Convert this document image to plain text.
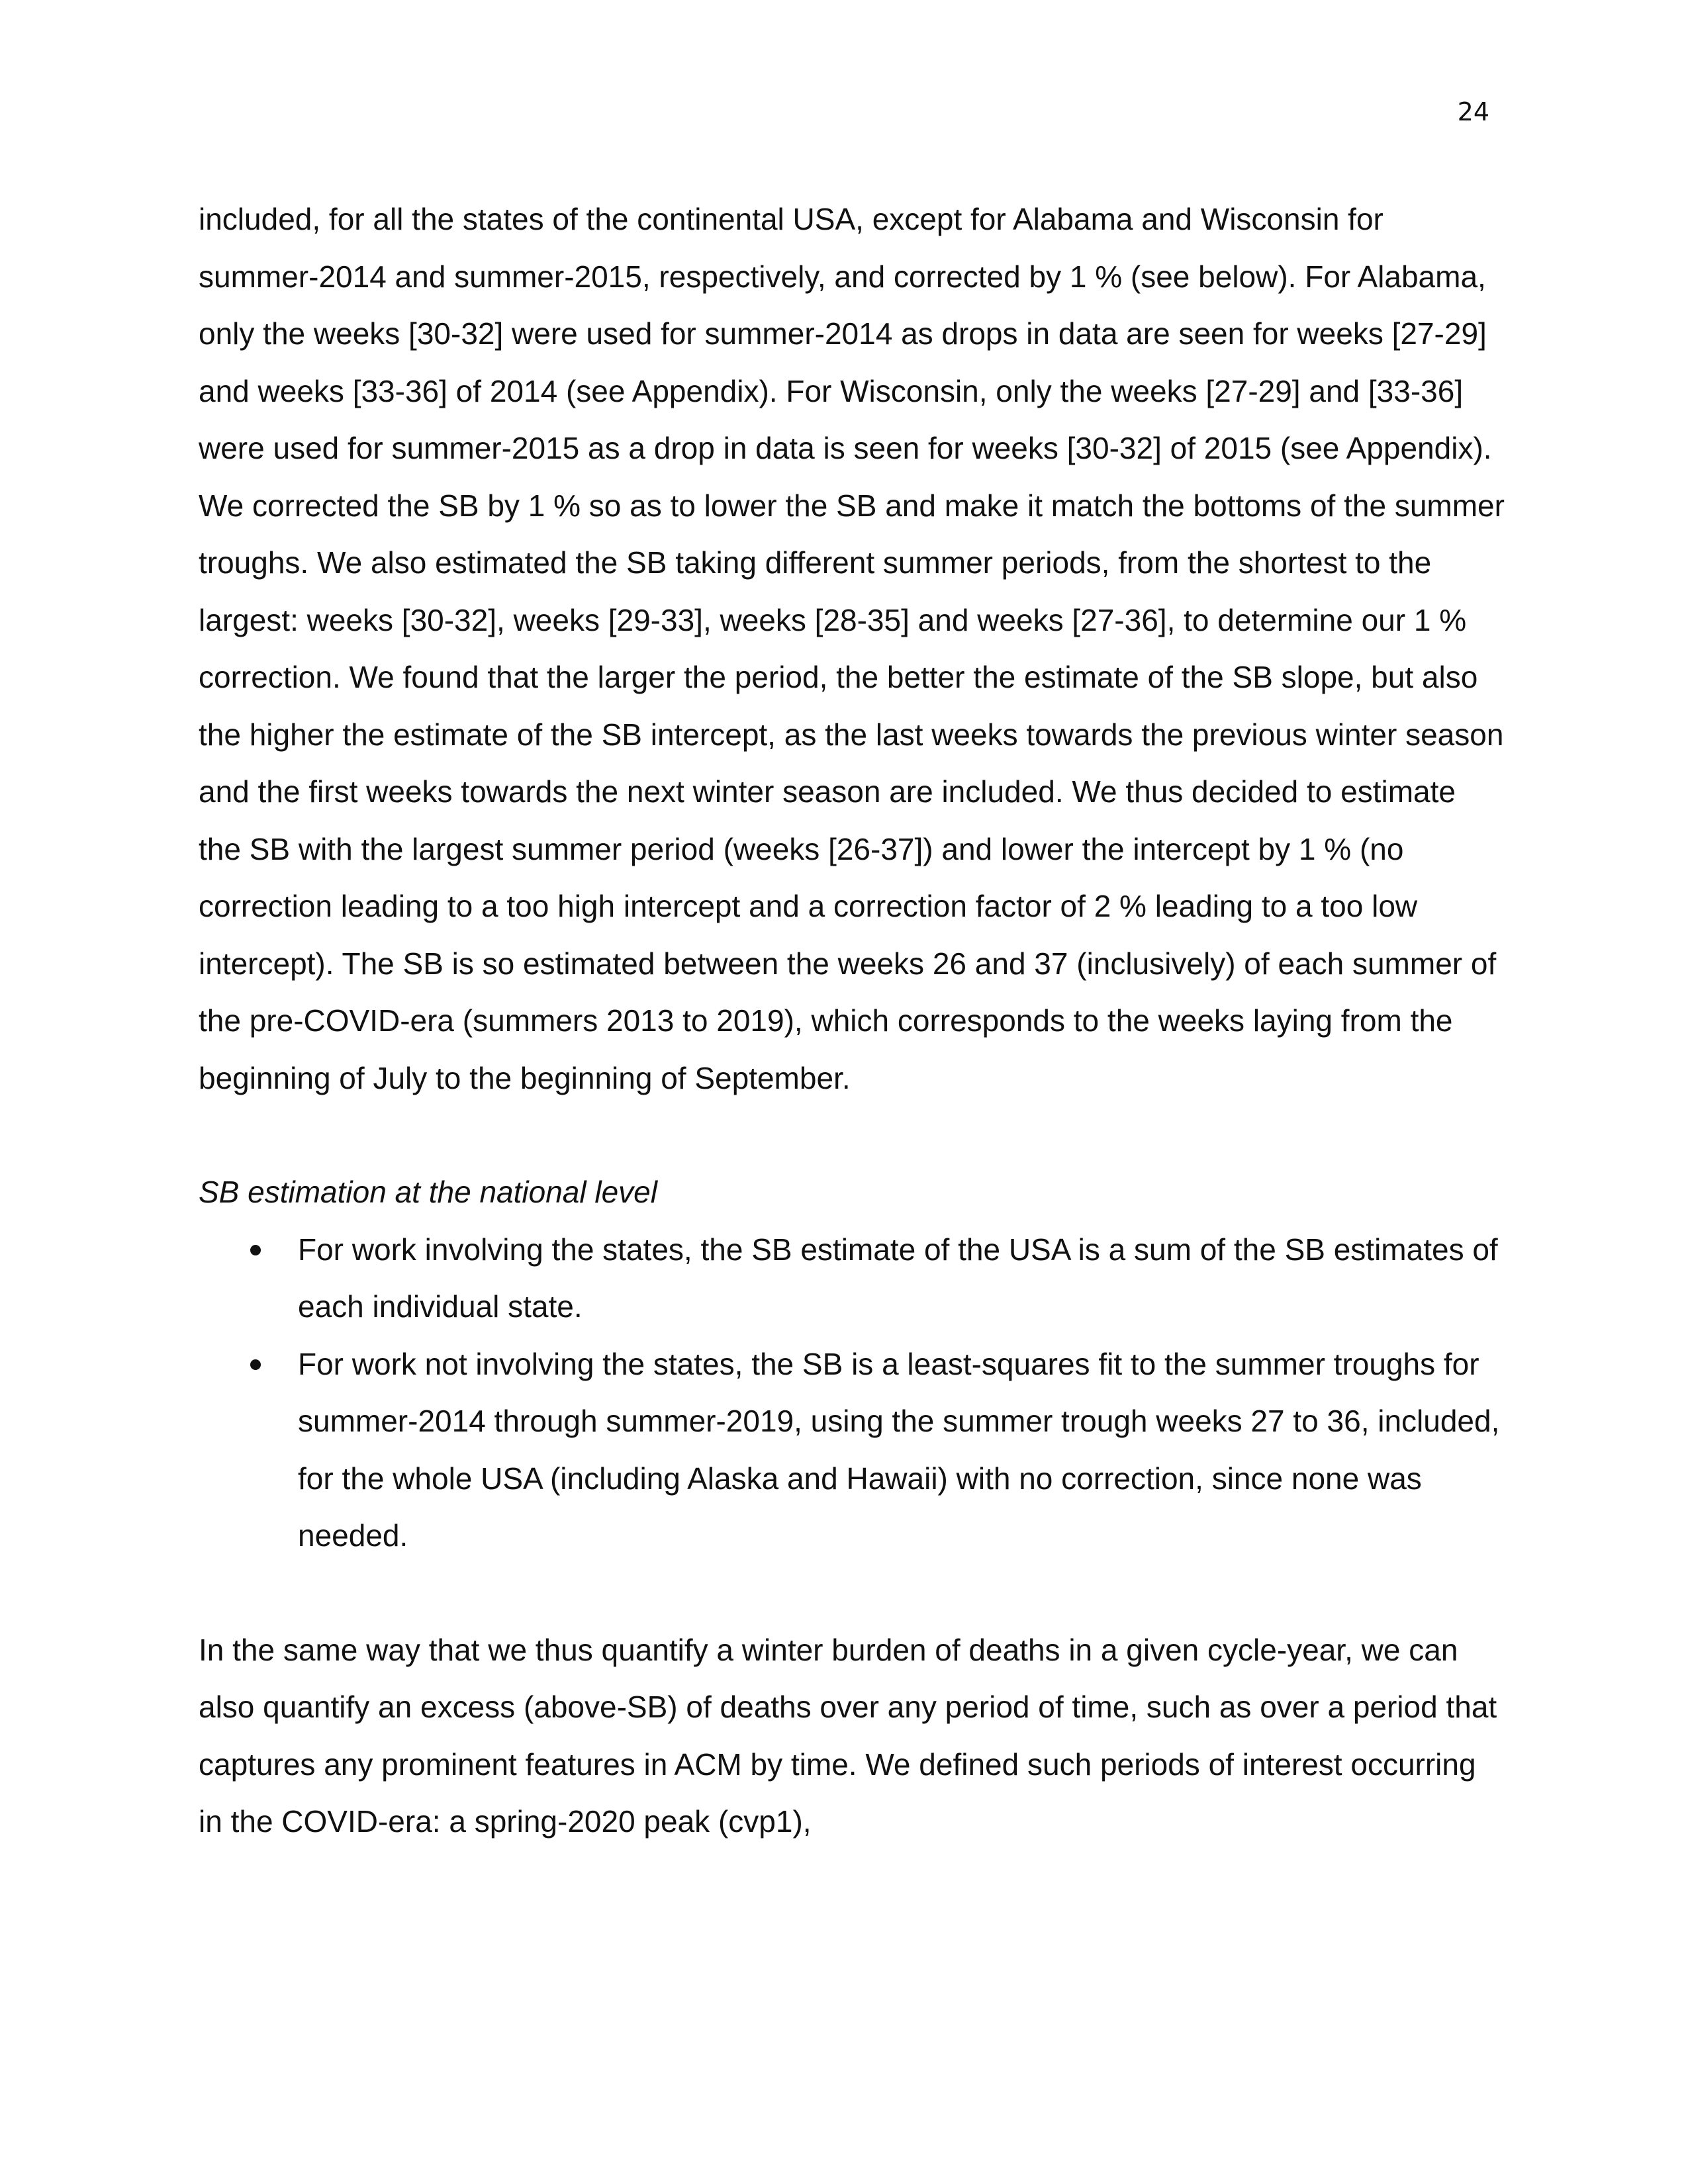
24

included, for all the states of the continental USA, except for Alabama and Wisconsin for summer-2014 and summer-2015, respectively, and corrected by 1 % (see below). For Alabama, only the weeks [30-32] were used for summer-2014 as drops in data are seen for weeks [27-29] and weeks [33-36] of 2014 (see Appendix). For Wisconsin, only the weeks [27-29] and [33-36] were used for summer-2015 as a drop in data is seen for weeks [30-32] of 2015 (see Appendix). We corrected the SB by 1 % so as to lower the SB and make it match the bottoms of the summer troughs. We also estimated the SB taking different summer periods, from the shortest to the largest: weeks [30-32], weeks [29-33], weeks [28-35] and weeks [27-36], to determine our 1 % correction. We found that the larger the period, the better the estimate of the SB slope, but also the higher the estimate of the SB intercept, as the last weeks towards the previous winter season and the first weeks towards the next winter season are included. We thus decided to estimate the SB with the largest summer period (weeks [26-37]) and lower the intercept by 1 % (no correction leading to a too high intercept and a correction factor of 2 % leading to a too low intercept). The SB is so estimated between the weeks 26 and 37 (inclusively) of each summer of the pre-COVID-era (summers 2013 to 2019), which corresponds to the weeks laying from the beginning of July to the beginning of September.

SB estimation at the national level

For work involving the states, the SB estimate of the USA is a sum of the SB estimates of each individual state.
For work not involving the states, the SB is a least-squares fit to the summer troughs for summer-2014 through summer-2019, using the summer trough weeks 27 to 36, included, for the whole USA (including Alaska and Hawaii) with no correction, since none was needed.

In the same way that we thus quantify a winter burden of deaths in a given cycle-year, we can also quantify an excess (above-SB) of deaths over any period of time, such as over a period that captures any prominent features in ACM by time. We defined such periods of interest occurring in the COVID-era: a spring-2020 peak (cvp1),
